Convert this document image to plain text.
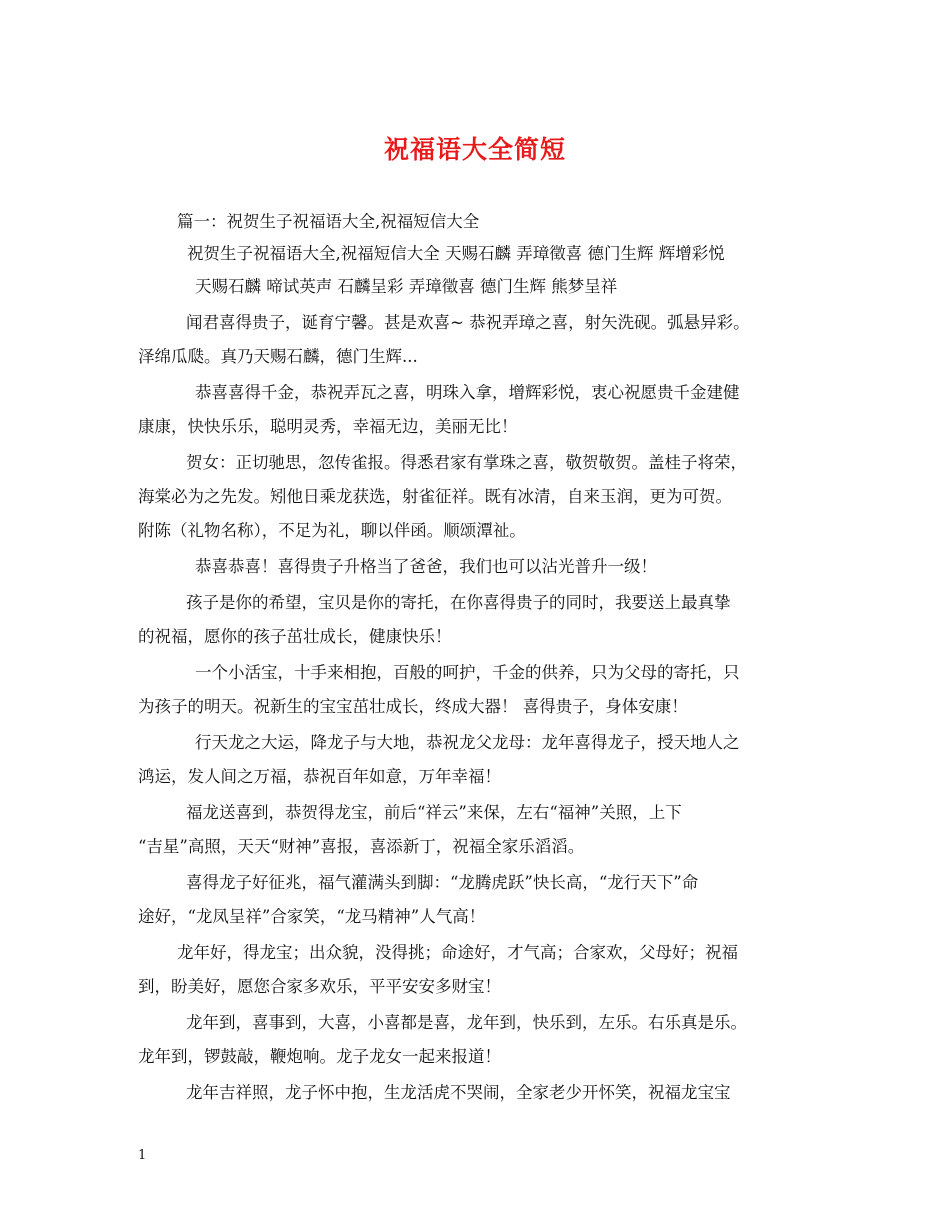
祝福语大全简短
篇一：祝贺生子祝福语大全,祝福短信大全
祝贺生子祝福语大全,祝福短信大全 天赐石麟 弄璋徵喜 德门生辉 辉增彩悦
天赐石麟 啼试英声 石麟呈彩 弄璋徵喜 德门生辉 熊梦呈祥
闻君喜得贵子，诞育宁馨。甚是欢喜~ 恭祝弄璋之喜，射矢洗砚。弧悬异彩。
泽绵瓜瓞。真乃天赐石麟，德门生辉...
恭喜喜得千金，恭祝弄瓦之喜，明珠入拿，增辉彩悦，衷心祝愿贵千金建健
康康，快快乐乐，聪明灵秀，幸福无边，美丽无比！
贺女：正切驰思，忽传雀报。得悉君家有掌珠之喜，敬贺敬贺。盖桂子将荣，
海棠必为之先发。矧他日乘龙获选，射雀征祥。既有冰清，自来玉润，更为可贺。
附陈（礼物名称），不足为礼，聊以伴函。顺颂潭祉。
恭喜恭喜！喜得贵子升格当了爸爸，我们也可以沾光普升一级！
孩子是你的希望，宝贝是你的寄托，在你喜得贵子的同时，我要送上最真挚
的祝福，愿你的孩子茁壮成长，健康快乐！
一个小活宝，十手来相抱，百般的呵护，千金的供养，只为父母的寄托，只
为孩子的明天。祝新生的宝宝茁壮成长，终成大器！ 喜得贵子，身体安康！
行天龙之大运，降龙子与大地，恭祝龙父龙母：龙年喜得龙子，授天地人之
鸿运，发人间之万福，恭祝百年如意，万年幸福！
福龙送喜到，恭贺得龙宝，前后“祥云”来保，左右“福神”关照，上下
“吉星”高照，天天“财神”喜报，喜添新丁，祝福全家乐滔滔。
喜得龙子好征兆，福气灌满头到脚：“龙腾虎跃”快长高，“龙行天下”命
途好，“龙凤呈祥”合家笑，“龙马精神”人气高！
龙年好，得龙宝；出众貌，没得挑；命途好，才气高；合家欢，父母好；祝福
到，盼美好，愿您合家多欢乐，平平安安多财宝！
龙年到，喜事到，大喜，小喜都是喜，龙年到，快乐到，左乐。右乐真是乐。
龙年到，锣鼓敲，鞭炮响。龙子龙女一起来报道！
龙年吉祥照，龙子怀中抱，生龙活虎不哭闹，全家老少开怀笑，祝福龙宝宝
1
